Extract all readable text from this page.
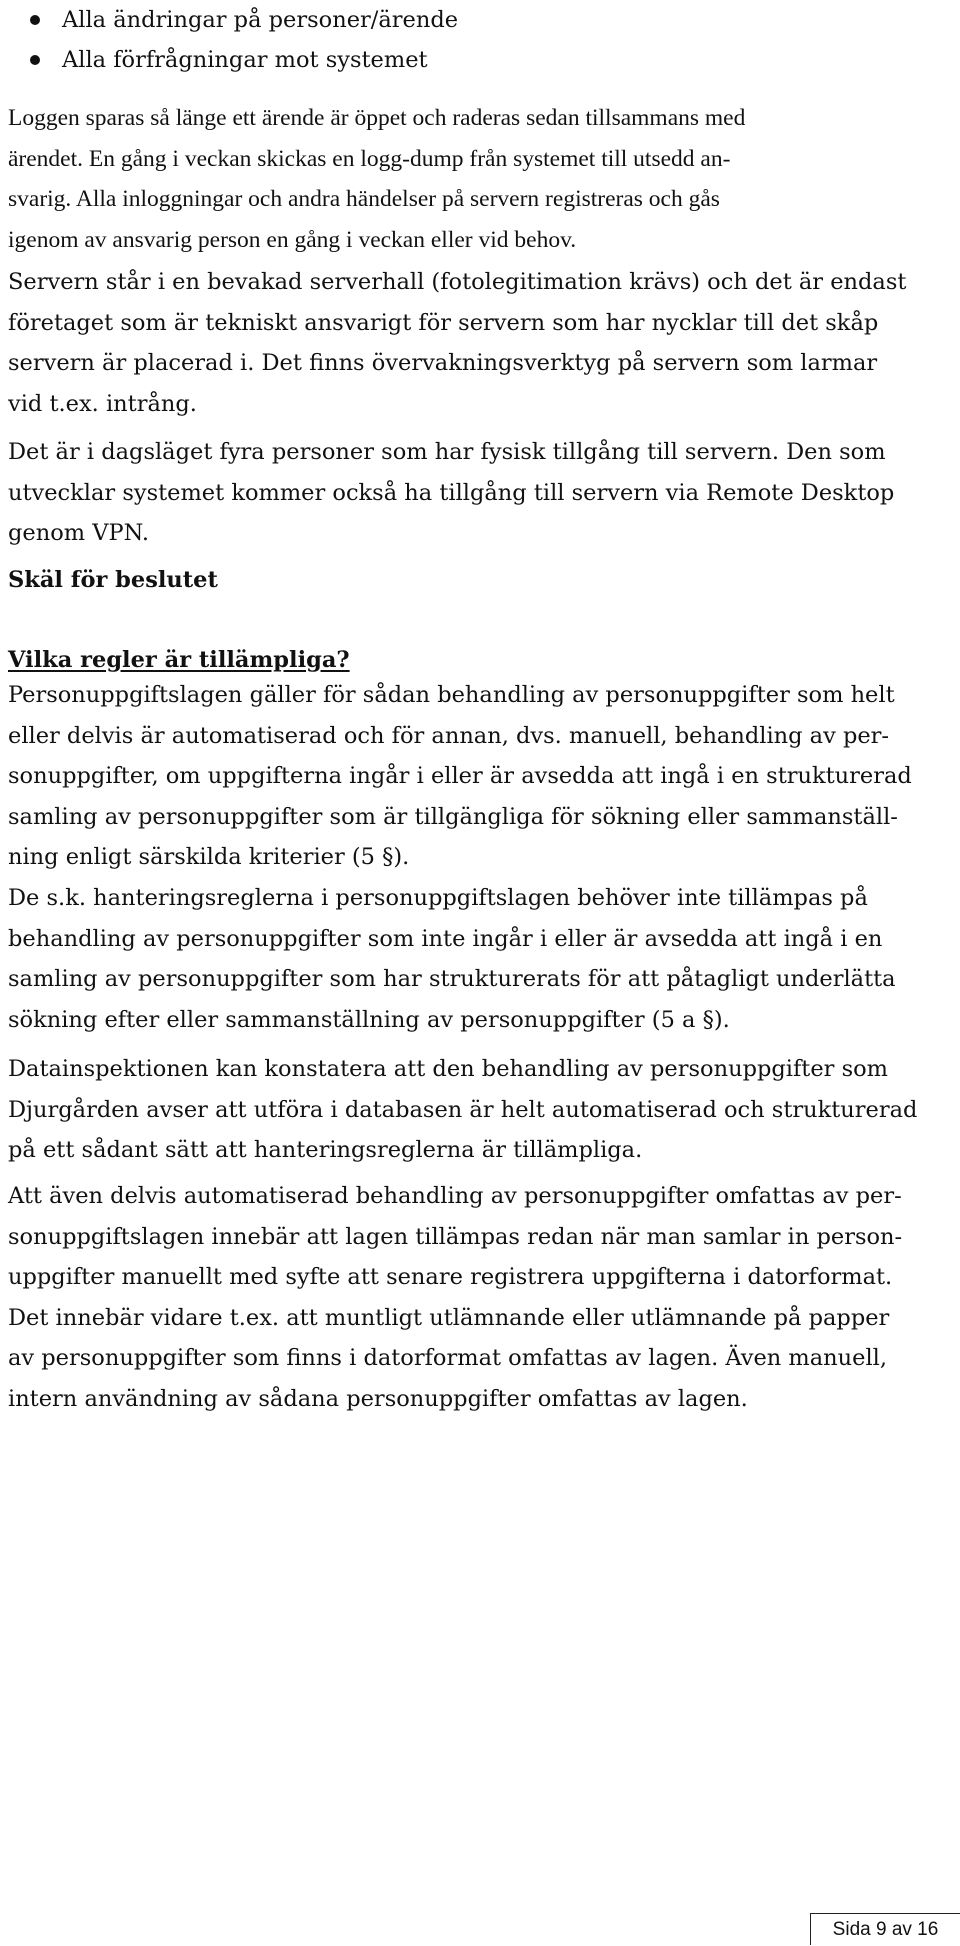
Alla ändringar på personer/ärende
Alla förfrågningar mot systemet

Loggen sparas så länge ett ärende är öppet och raderas sedan tillsammans med
ärendet. En gång i veckan skickas en logg-dump från systemet till utsedd an-
svarig. Alla inloggningar och andra händelser på servern registreras och gås
igenom av ansvarig person en gång i veckan eller vid behov.

Servern står i en bevakad serverhall (fotolegitimation krävs) och det är endast
företaget som är tekniskt ansvarigt för servern som har nycklar till det skåp
servern är placerad i. Det finns övervakningsverktyg på servern som larmar
vid t.ex. intrång.

Det är i dagsläget fyra personer som har fysisk tillgång till servern. Den som
utvecklar systemet kommer också ha tillgång till servern via Remote Desktop
genom VPN.

Skäl för beslutet
Vilka regler är tillämpliga?

Personuppgiftslagen gäller för sådan behandling av personuppgifter som helt
eller delvis är automatiserad och för annan, dvs. manuell, behandling av per-
sonuppgifter, om uppgifterna ingår i eller är avsedda att ingå i en strukturerad
samling av personuppgifter som är tillgängliga för sökning eller sammanställ-
ning enligt särskilda kriterier (5 §).

De s.k. hanteringsreglerna i personuppgiftslagen behöver inte tillämpas på
behandling av personuppgifter som inte ingår i eller är avsedda att ingå i en
samling av personuppgifter som har strukturerats för att påtagligt underlätta
sökning efter eller sammanställning av personuppgifter (5 a §).

Datainspektionen kan konstatera att den behandling av personuppgifter som
Djurgården avser att utföra i databasen är helt automatiserad och strukturerad
på ett sådant sätt att hanteringsreglerna är tillämpliga.

Att även delvis automatiserad behandling av personuppgifter omfattas av per-
sonuppgiftslagen innebär att lagen tillämpas redan när man samlar in person-
uppgifter manuellt med syfte att senare registrera uppgifterna i datorformat.
Det innebär vidare t.ex. att muntligt utlämnande eller utlämnande på papper
av personuppgifter som finns i datorformat omfattas av lagen. Även manuell,
intern användning av sådana personuppgifter omfattas av lagen.

Sida 9 av 16
